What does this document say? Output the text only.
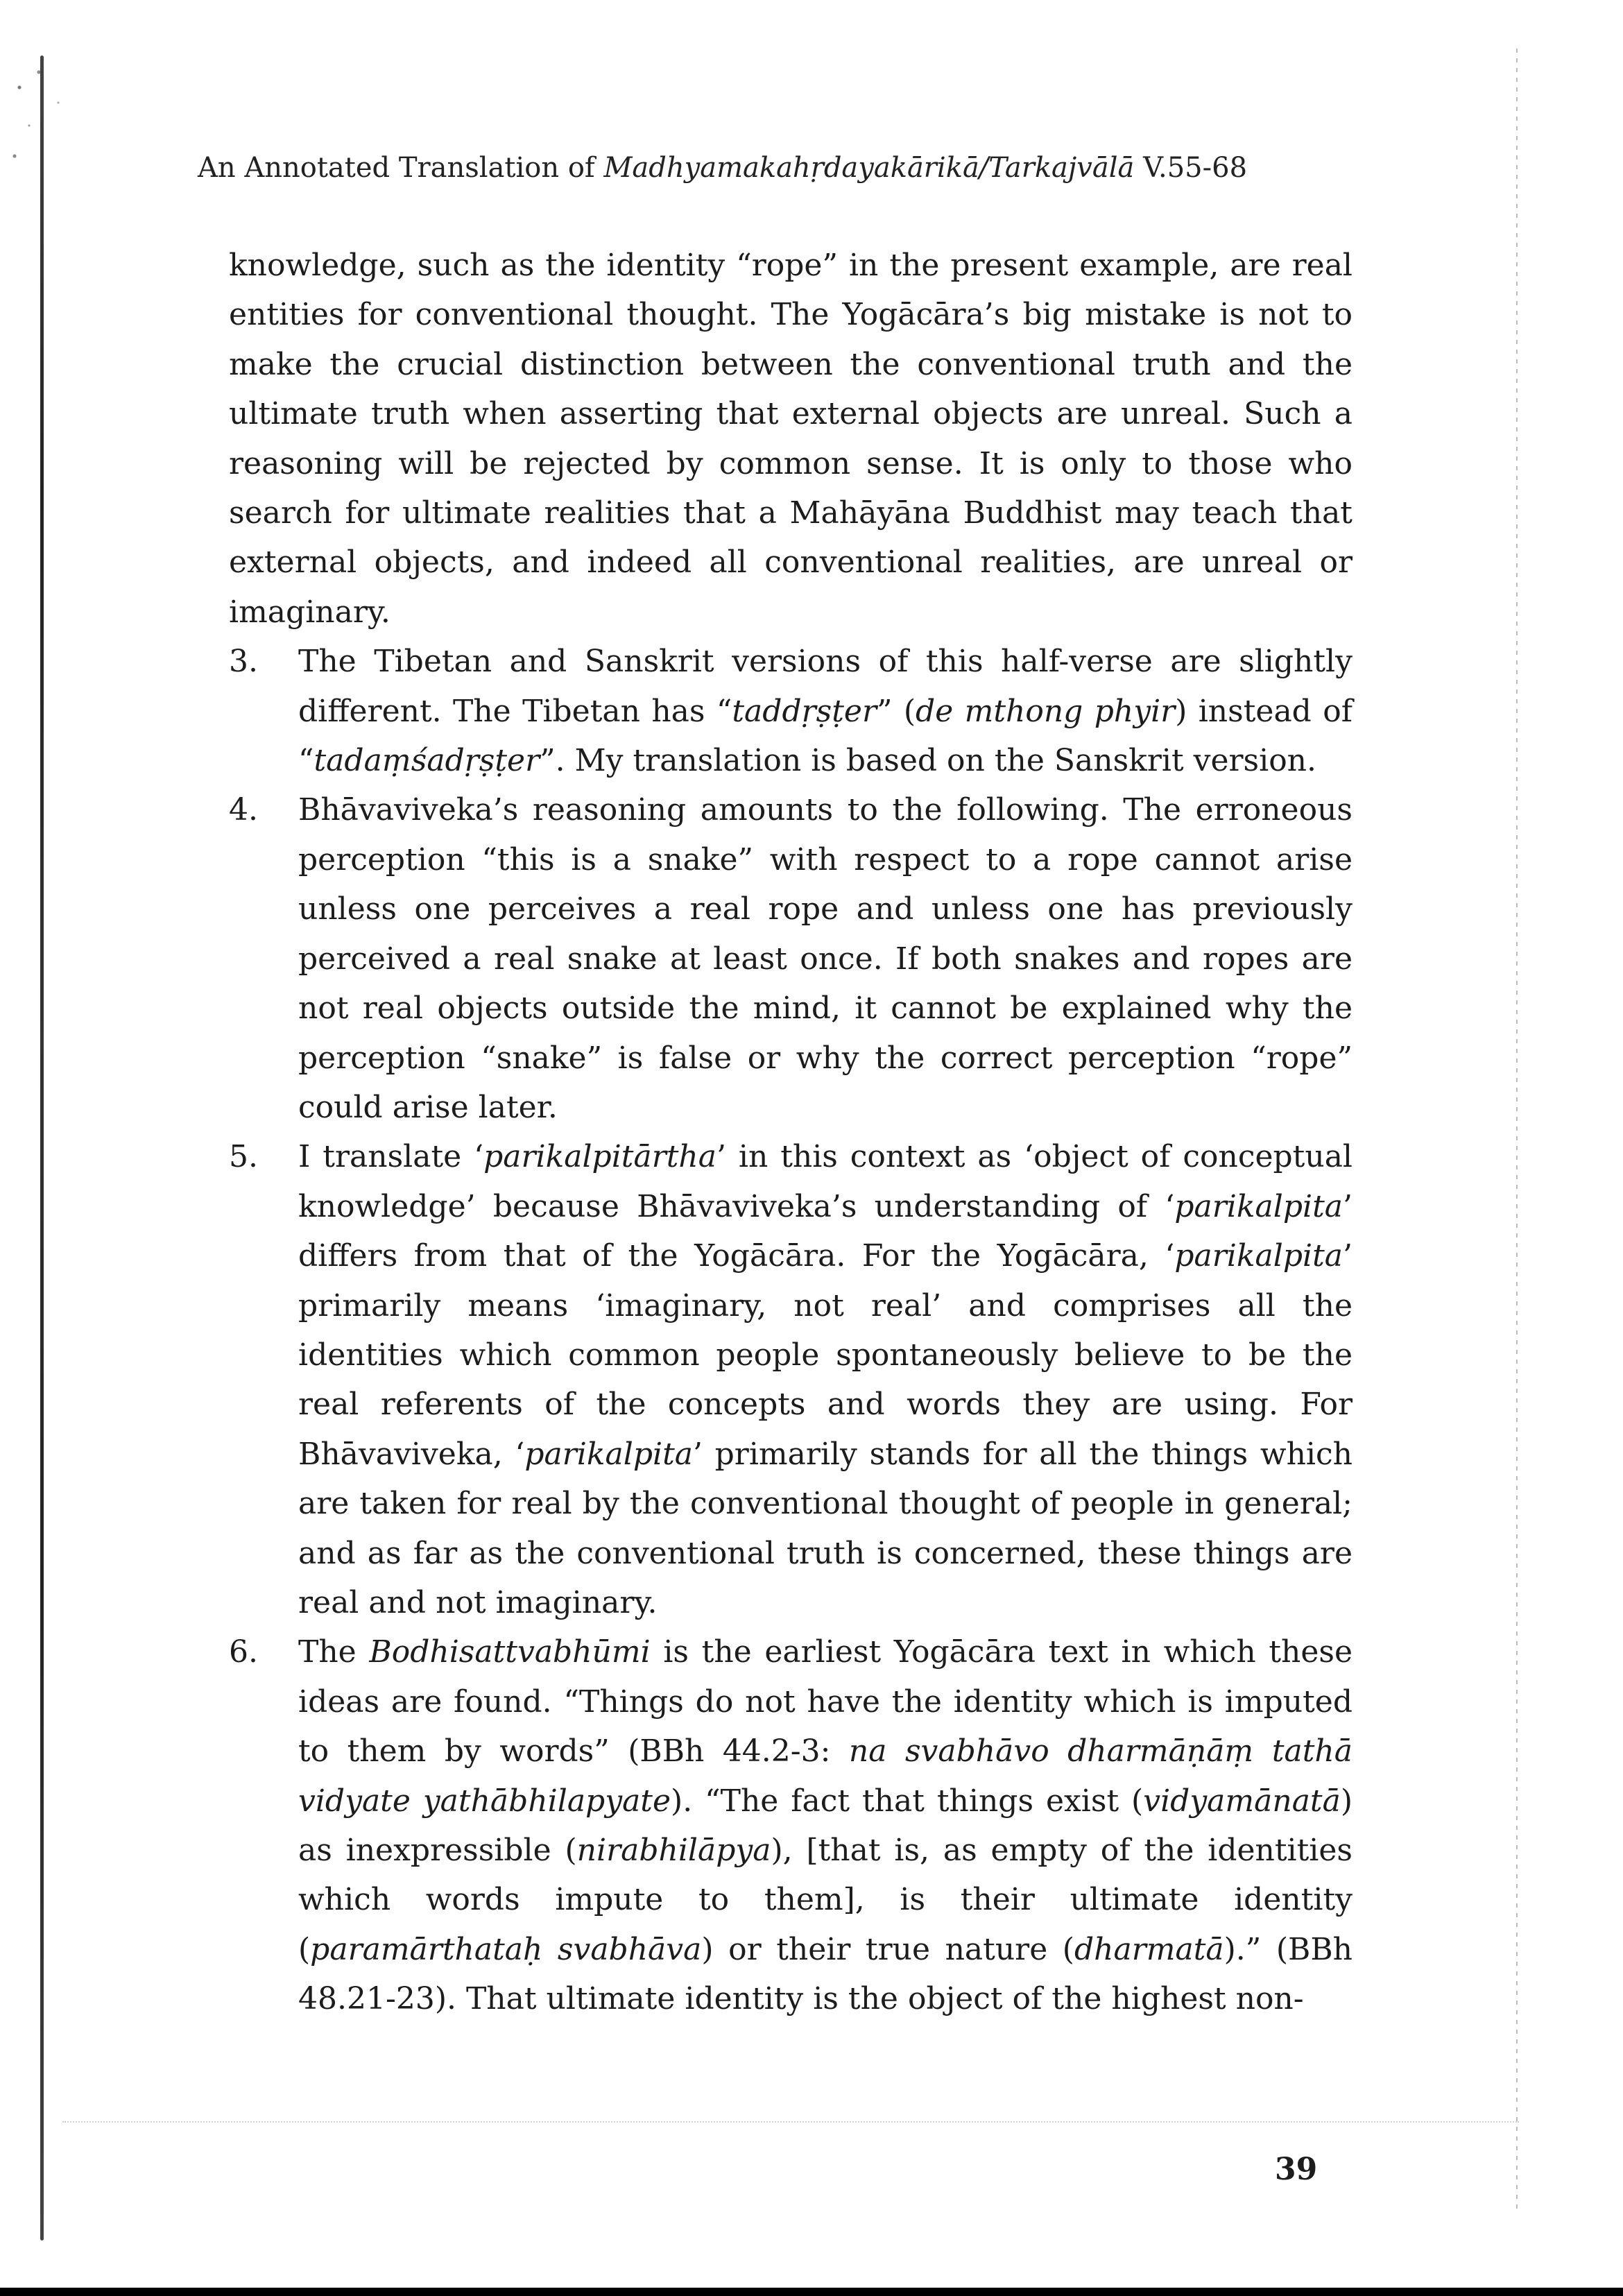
An Annotated Translation of Madhyamakahṛdayakārikā/Tarkajvālā V.55-68

knowledge, such as the identity “rope” in the present example, are real entities for conventional thought. The Yogācāra’s big mistake is not to make the crucial distinction between the conventional truth and the ultimate truth when asserting that external objects are unreal. Such a reasoning will be rejected by common sense. It is only to those who search for ultimate realities that a Mahāyāna Buddhist may teach that external objects, and indeed all conventional realities, are unreal or imaginary.

3.	The Tibetan and Sanskrit versions of this half-verse are slightly different. The Tibetan has “taddṛṣṭer” (de mthong phyir) instead of “tadaṃśadṛṣṭer”. My translation is based on the Sanskrit version.
4.	Bhāvaviveka’s reasoning amounts to the following. The erroneous perception “this is a snake” with respect to a rope cannot arise unless one perceives a real rope and unless one has previously perceived a real snake at least once. If both snakes and ropes are not real objects outside the mind, it cannot be explained why the perception “snake” is false or why the correct perception “rope” could arise later.
5.	I translate ‘parikalpitārtha’ in this context as ‘object of conceptual knowledge’ because Bhāvaviveka’s understanding of ‘parikalpita’ differs from that of the Yogācāra. For the Yogācāra, ‘parikalpita’ primarily means ‘imaginary, not real’ and comprises all the identities which common people spontaneously believe to be the real referents of the concepts and words they are using. For Bhāvaviveka, ‘parikalpita’ primarily stands for all the things which are taken for real by the conventional thought of people in general; and as far as the conventional truth is concerned, these things are real and not imaginary.
6.	The Bodhisattvabhūmi is the earliest Yogācāra text in which these ideas are found. “Things do not have the identity which is imputed to them by words” (BBh 44.2-3: na svabhāvo dharmāṇāṃ tathā vidyate yathābhilapyate). “The fact that things exist (vidyamānatā) as inexpressible (nirabhilāpya), [that is, as empty of the identities which words impute to them], is their ultimate identity (paramārthataḥ svabhāva) or their true nature (dharmatā).” (BBh 48.21-23). That ultimate identity is the object of the highest non-
39
